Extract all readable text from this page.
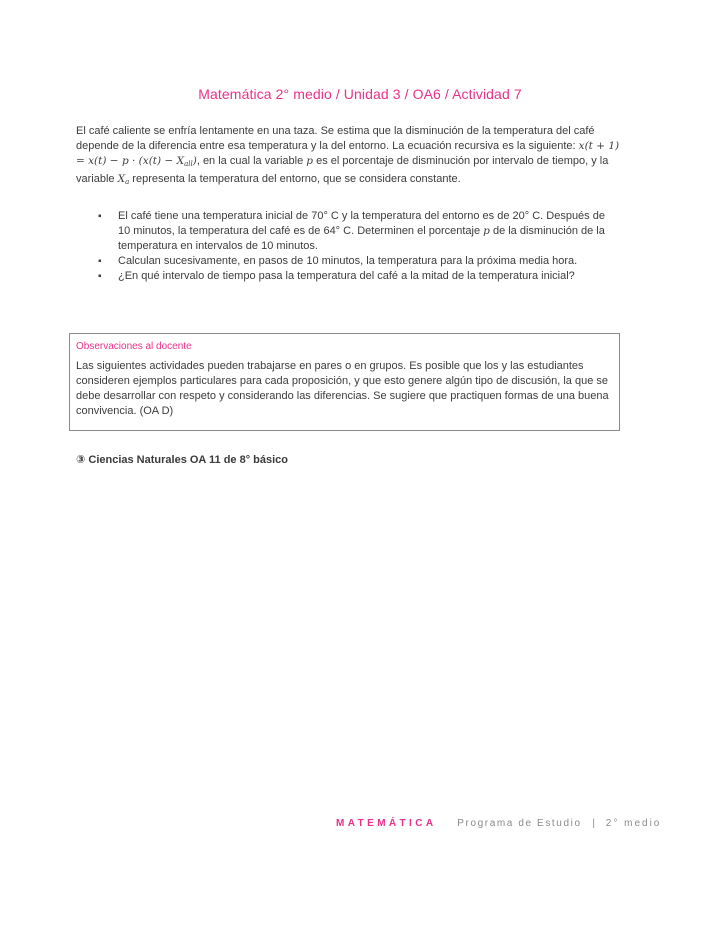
Matemática 2° medio / Unidad 3 / OA6 / Actividad 7

El café caliente se enfría lentamente en una taza. Se estima que la disminución de la temperatura del café depende de la diferencia entre esa temperatura y la del entorno. La ecuación recursiva es la siguiente: $x(t + 1) = x(t) - p \cdot (x(t) - X_{all})$, en la cual la variable p es el porcentaje de disminución por intervalo de tiempo, y la variable $X_a$ representa la temperatura del entorno, que se considera constante.

▪ El café tiene una temperatura inicial de 70° C y la temperatura del entorno es de 20° C. Después de 10 minutos, la temperatura del café es de 64° C. Determinen el porcentaje p de la disminución de la temperatura en intervalos de 10 minutos.
▪ Calculan sucesivamente, en pasos de 10 minutos, la temperatura para la próxima media hora.
▪ ¿En qué intervalo de tiempo pasa la temperatura del café a la mitad de la temperatura inicial?
Observaciones al docente

Las siguientes actividades pueden trabajarse en pares o en grupos. Es posible que los y las estudiantes consideren ejemplos particulares para cada proposición, y que esto genere algún tipo de discusión, la que se debe desarrollar con respeto y considerando las diferencias. Se sugiere que practiquen formas de una buena convivencia. (OA D)

③ Ciencias Naturales OA 11 de 8° básico
MATEMÁTICA Programa de Estudio | 2° medio
